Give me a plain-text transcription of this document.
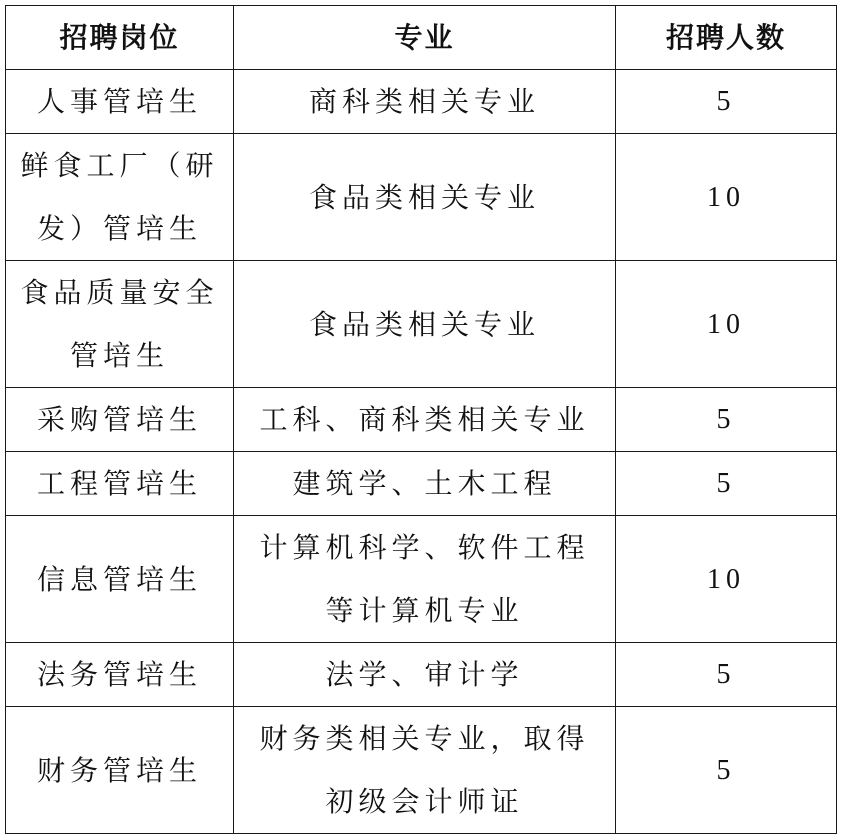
招聘岗位	专业	招聘人数
人事管培生	商科类相关专业	5
鲜食工厂（研发）管培生	食品类相关专业	10
食品质量安全管培生	食品类相关专业	10
采购管培生	工科、商科类相关专业	5
工程管培生	建筑学、土木工程	5
信息管培生	计算机科学、软件工程等计算机专业	10
法务管培生	法学、审计学	5
财务管培生	财务类相关专业，取得初级会计师证	5
